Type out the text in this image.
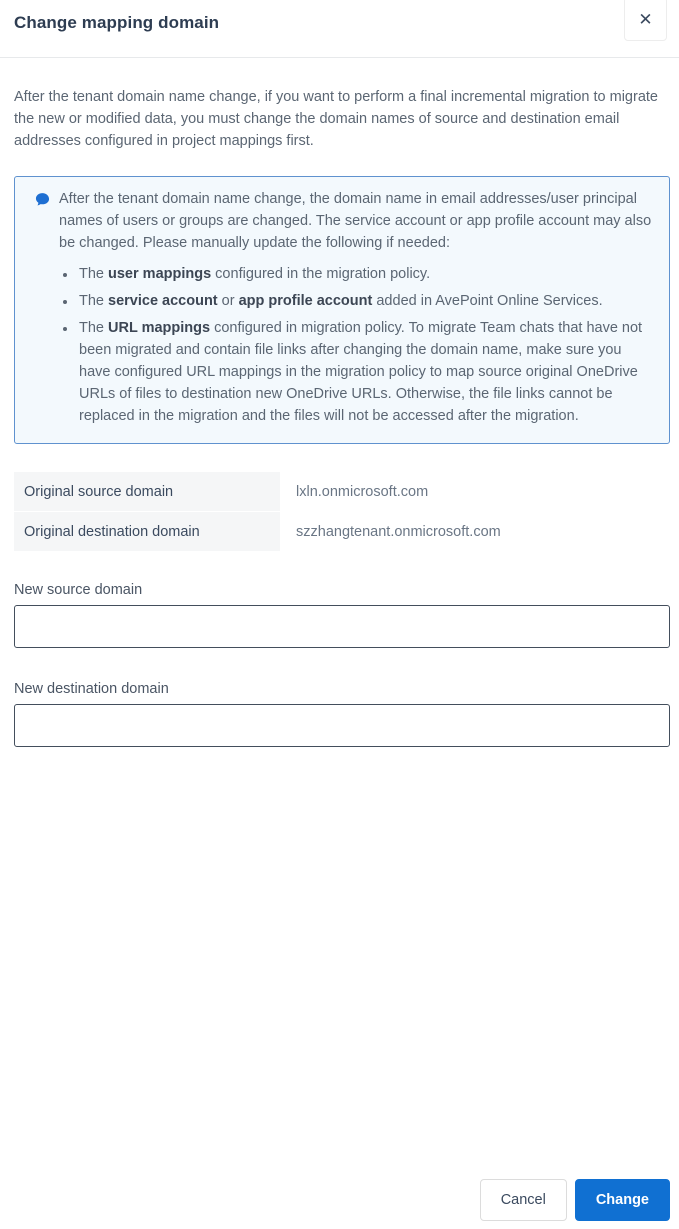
Change mapping domain	✕

After the tenant domain name change, if you want to perform a final incremental migration to migrate the new or modified data, you must change the domain names of source and destination email addresses configured in project mappings first.

After the tenant domain name change, the domain name in email addresses/user principal names of users or groups are changed. The service account or app profile account may also be changed. Please manually update the following if needed:
• The user mappings configured in the migration policy.
• The service account or app profile account added in AvePoint Online Services.
• The URL mappings configured in migration policy. To migrate Team chats that have not been migrated and contain file links after changing the domain name, make sure you have configured URL mappings in the migration policy to map source original OneDrive URLs of files to destination new OneDrive URLs. Otherwise, the file links cannot be replaced in the migration and the files will not be accessed after the migration.
Original source domain	lxln.onmicrosoft.com
Original destination domain	szzhangtenant.onmicrosoft.com
New source domain
New destination domain
Cancel	Change
